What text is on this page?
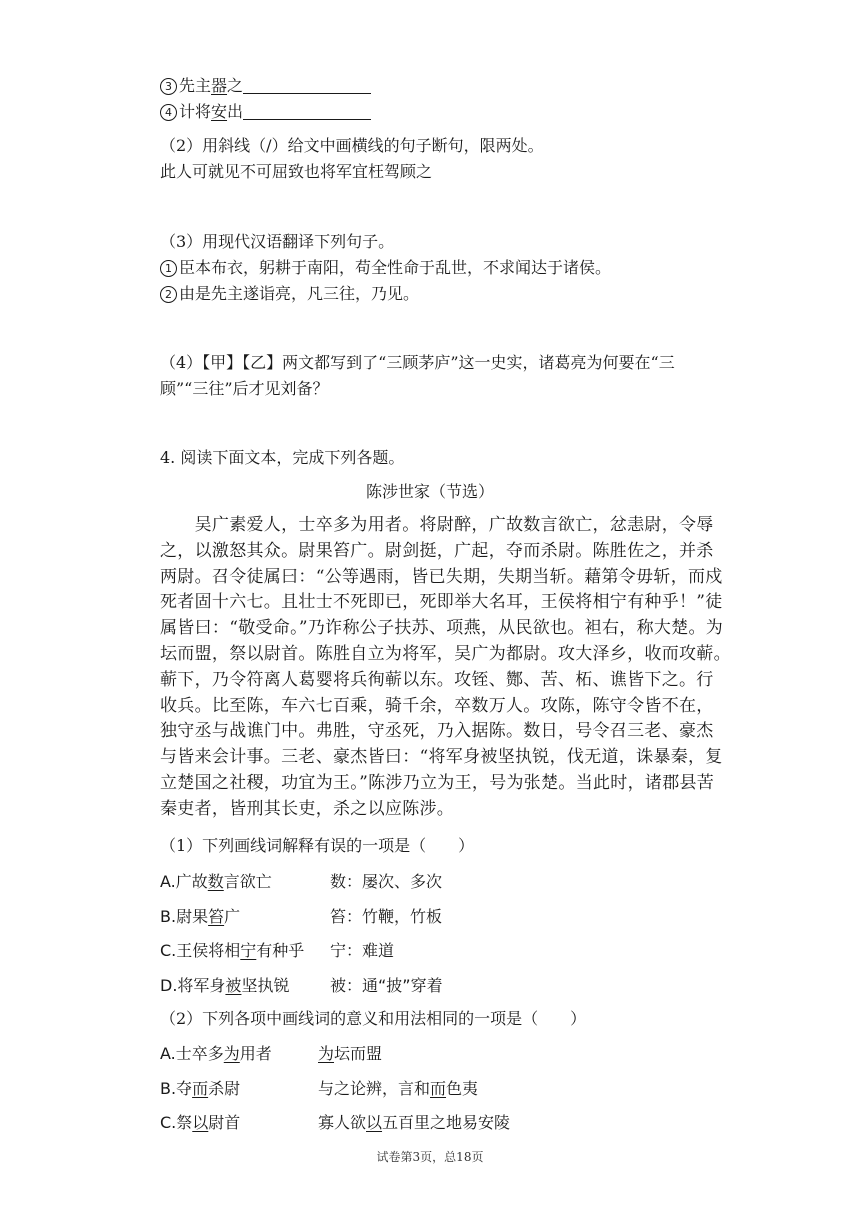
3 先主器之
4 计将安出
（2）用斜线（/）给文中画横线的句子断句，限两处。
此人可就见不可屈致也将军宜枉驾顾之
（3）用现代汉语翻译下列句子。
1 臣本布衣，躬耕于南阳，苟全性命于乱世，不求闻达于诸侯。
2 由是先主遂诣亮，凡三往，乃见。
（4）【甲】【乙】两文都写到了“三顾茅庐”这一史实，诸葛亮为何要在“三
顾”“三往”后才见刘备？
4. 阅读下面文本，完成下列各题。
陈涉世家（节选）
　　吴广素爱人，士卒多为用者。将尉醉，广故数言欲亡，忿恚尉，令辱
之，以激怒其众。尉果笞广。尉剑挺，广起，夺而杀尉。陈胜佐之，并杀
两尉。召令徒属曰：“公等遇雨，皆已失期，失期当斩。藉第令毋斩，而戍
死者固十六七。且壮士不死即已，死即举大名耳，王侯将相宁有种乎！”徒
属皆曰：“敬受命。”乃诈称公子扶苏、项燕，从民欲也。袒右，称大楚。为
坛而盟，祭以尉首。陈胜自立为将军，吴广为都尉。攻大泽乡，收而攻蕲。
蕲下，乃令符离人葛婴将兵徇蕲以东。攻铚、酂、苦、柘、谯皆下之。行
收兵。比至陈，车六七百乘，骑千余，卒数万人。攻陈，陈守令皆不在，
独守丞与战谯门中。弗胜，守丞死，乃入据陈。数日，号令召三老、豪杰
与皆来会计事。三老、豪杰皆曰：“将军身被坚执锐，伐无道，诛暴秦，复
立楚国之社稷，功宜为王。”陈涉乃立为王，号为张楚。当此时，诸郡县苦
秦吏者，皆刑其长吏，杀之以应陈涉。
（1）下列画线词解释有误的一项是（　　）
A.广故数言欲亡	数：屡次、多次
B.尉果笞广	笞：竹鞭，竹板
C.王侯将相宁有种乎 宁：难道
D.将军身被坚执锐	被：通“披”穿着
（2）下列各项中画线词的意义和用法相同的一项是（　　）
A.士卒多为用者	为坛而盟
B.夺而杀尉	与之论辨，言和而色夷
C.祭以尉首	寡人欲以五百里之地易安陵
试卷第3页，总18页
